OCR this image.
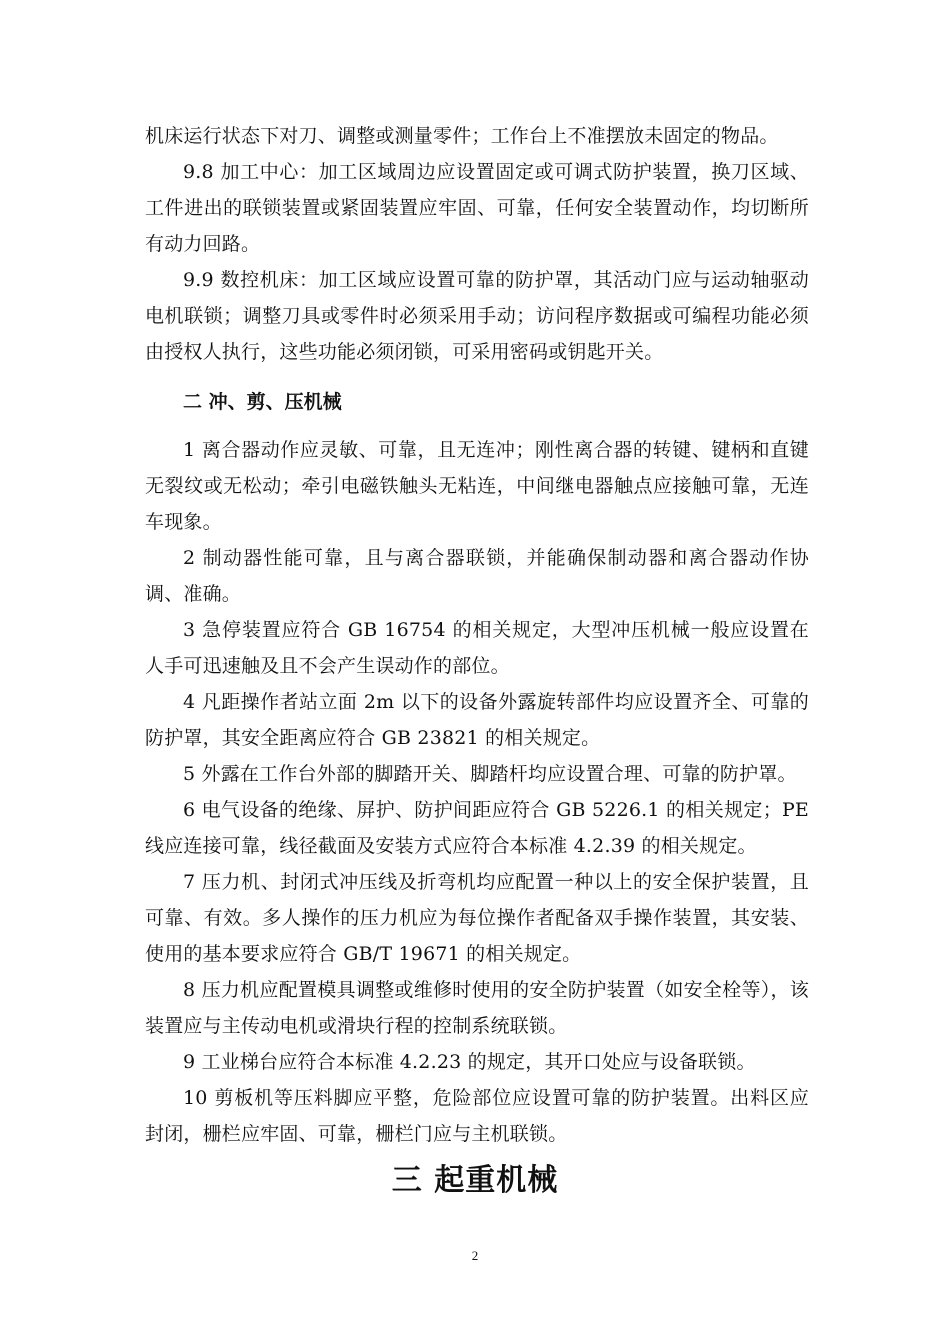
机床运行状态下对刀、调整或测量零件；工作台上不准摆放未固定的物品。

9.8 加工中心：加工区域周边应设置固定或可调式防护装置，换刀区域、工件进出的联锁装置或紧固装置应牢固、可靠，任何安全装置动作，均切断所有动力回路。

9.9 数控机床：加工区域应设置可靠的防护罩，其活动门应与运动轴驱动电机联锁；调整刀具或零件时必须采用手动；访问程序数据或可编程功能必须由授权人执行，这些功能必须闭锁，可采用密码或钥匙开关。

二 冲、剪、压机械

1 离合器动作应灵敏、可靠，且无连冲；刚性离合器的转键、键柄和直键无裂纹或无松动；牵引电磁铁触头无粘连，中间继电器触点应接触可靠，无连车现象。

2 制动器性能可靠，且与离合器联锁，并能确保制动器和离合器动作协调、准确。

3 急停装置应符合 GB 16754 的相关规定，大型冲压机械一般应设置在人手可迅速触及且不会产生误动作的部位。

4 凡距操作者站立面 2m 以下的设备外露旋转部件均应设置齐全、可靠的防护罩，其安全距离应符合 GB 23821 的相关规定。

5 外露在工作台外部的脚踏开关、脚踏杆均应设置合理、可靠的防护罩。

6 电气设备的绝缘、屏护、防护间距应符合 GB 5226.1 的相关规定；PE 线应连接可靠，线径截面及安装方式应符合本标准 4.2.39 的相关规定。

7 压力机、封闭式冲压线及折弯机均应配置一种以上的安全保护装置，且可靠、有效。多人操作的压力机应为每位操作者配备双手操作装置，其安装、使用的基本要求应符合 GB/T 19671 的相关规定。

8 压力机应配置模具调整或维修时使用的安全防护装置（如安全栓等），该装置应与主传动电机或滑块行程的控制系统联锁。

9 工业梯台应符合本标准 4.2.23 的规定，其开口处应与设备联锁。

10 剪板机等压料脚应平整，危险部位应设置可靠的防护装置。出料区应封闭，栅栏应牢固、可靠，栅栏门应与主机联锁。

三 起重机械
2
